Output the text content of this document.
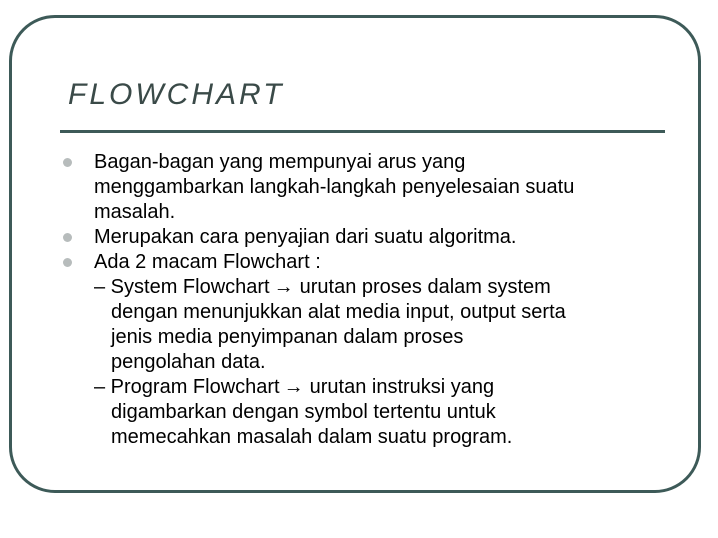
FLOWCHART
Bagan-bagan yang mempunyai arus yang
menggambarkan langkah-langkah penyelesaian suatu
masalah.
Merupakan cara penyajian dari suatu algoritma.
Ada 2 macam Flowchart :
– System Flowchart → urutan proses dalam system
dengan menunjukkan alat media input, output serta
jenis media penyimpanan dalam proses
pengolahan data.
– Program Flowchart → urutan instruksi yang
digambarkan dengan symbol tertentu untuk
memecahkan masalah dalam suatu program.
